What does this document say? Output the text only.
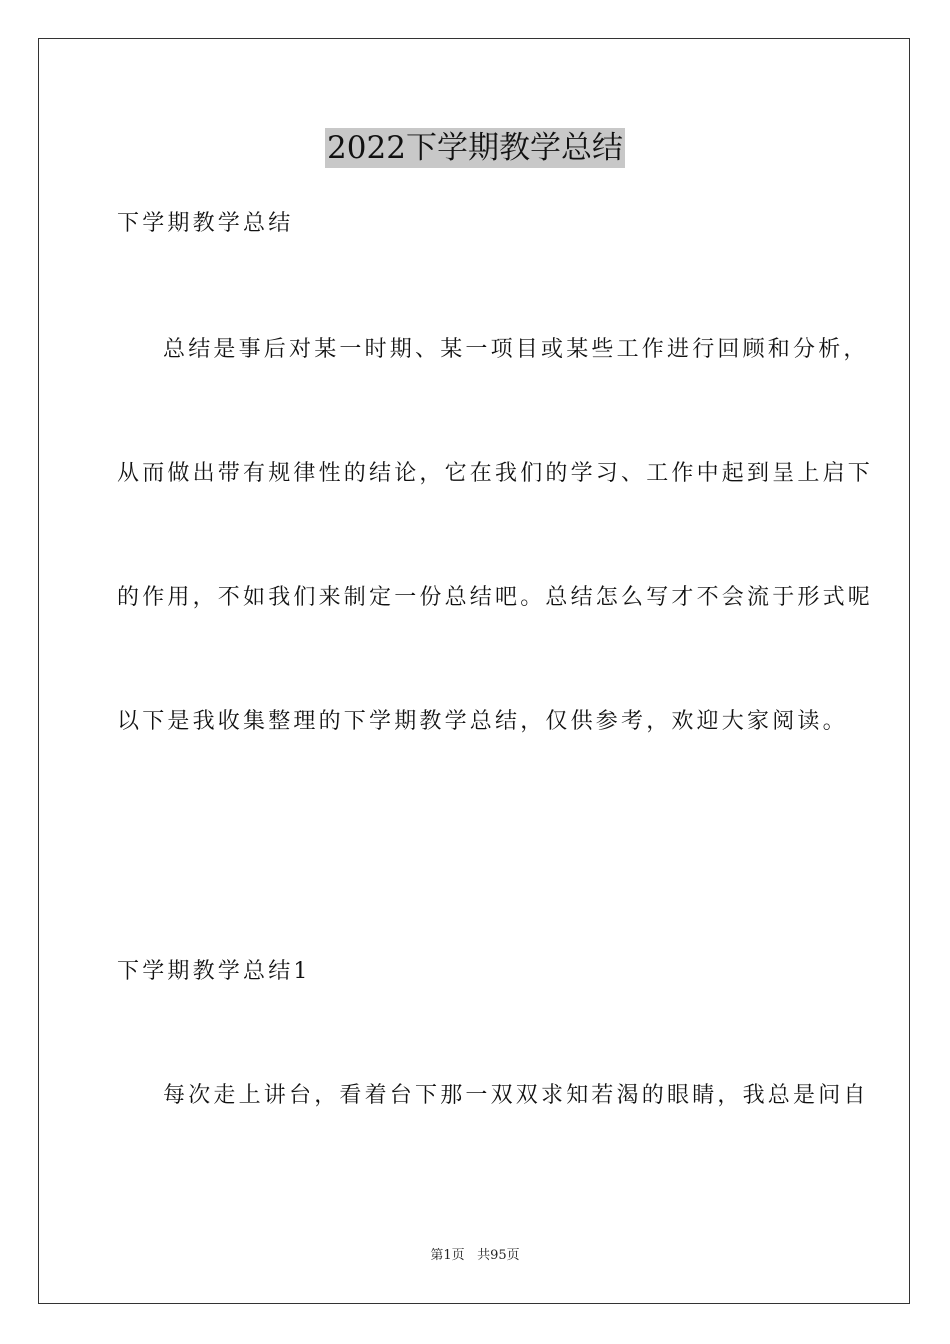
2022下学期教学总结
下学期教学总结
总结是事后对某一时期、某一项目或某些工作进行回顾和分析，
从而做出带有规律性的结论，它在我们的学习、工作中起到呈上启下
的作用，不如我们来制定一份总结吧。总结怎么写才不会流于形式呢
以下是我收集整理的下学期教学总结，仅供参考，欢迎大家阅读。
下学期教学总结1
每次走上讲台，看着台下那一双双求知若渴的眼睛，我总是问自
第1页 共95页
